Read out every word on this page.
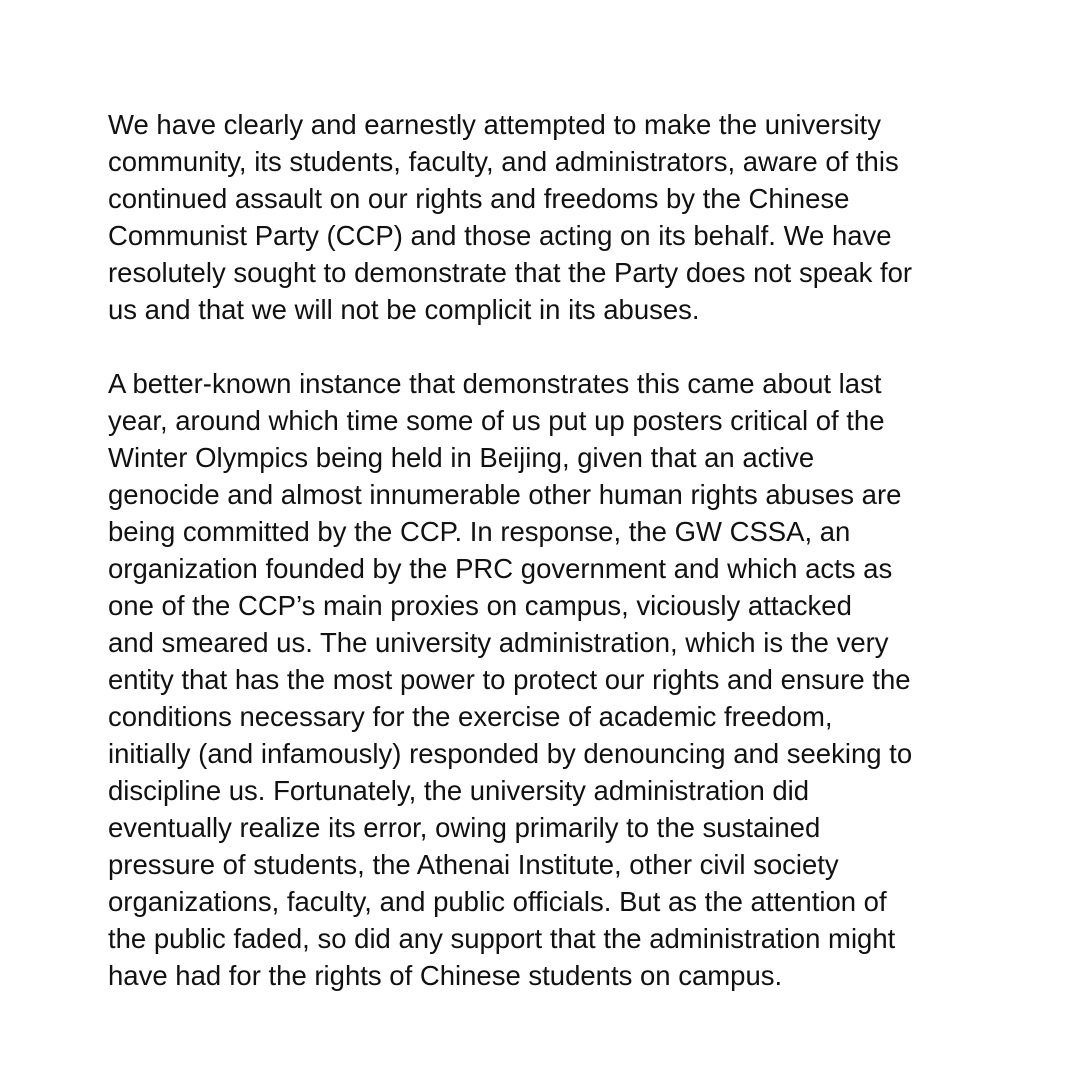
We have clearly and earnestly attempted to make the university
community, its students, faculty, and administrators, aware of this
continued assault on our rights and freedoms by the Chinese
Communist Party (CCP) and those acting on its behalf. We have
resolutely sought to demonstrate that the Party does not speak for
us and that we will not be complicit in its abuses.

A better-known instance that demonstrates this came about last
year, around which time some of us put up posters critical of the
Winter Olympics being held in Beijing, given that an active
genocide and almost innumerable other human rights abuses are
being committed by the CCP. In response, the GW CSSA, an
organization founded by the PRC government and which acts as
one of the CCP’s main proxies on campus, viciously attacked
and smeared us. The university administration, which is the very
entity that has the most power to protect our rights and ensure the
conditions necessary for the exercise of academic freedom,
initially (and infamously) responded by denouncing and seeking to
discipline us. Fortunately, the university administration did
eventually realize its error, owing primarily to the sustained
pressure of students, the Athenai Institute, other civil society
organizations, faculty, and public officials. But as the attention of
the public faded, so did any support that the administration might
have had for the rights of Chinese students on campus.
